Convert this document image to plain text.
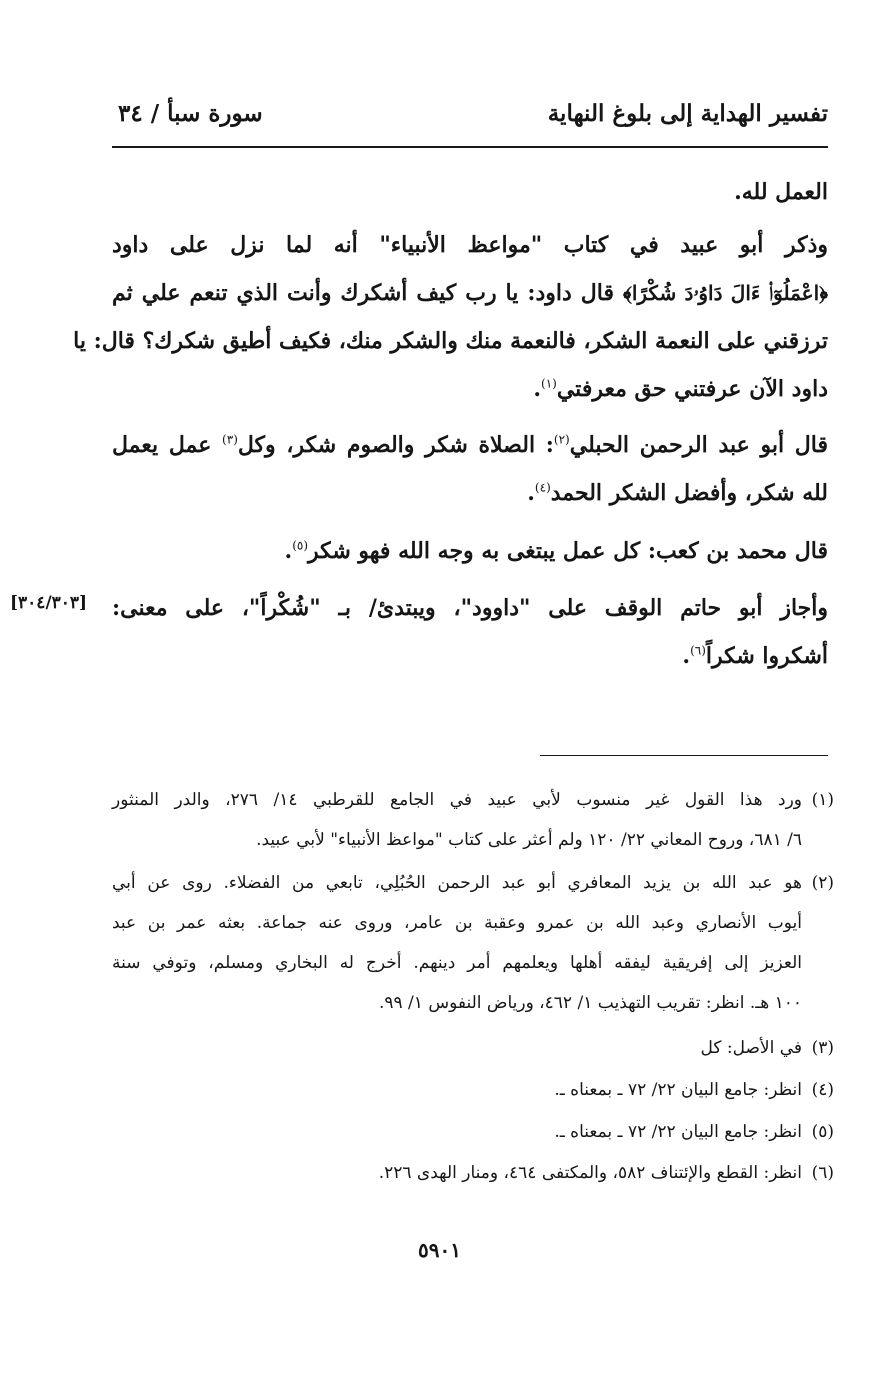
تفسير الهداية إلى بلوغ النهاية
سورة سبأ / ٣٤

العمل لله.

وذكر أبو عبيد في كتاب "مواعظ الأنبياء" أنه لما نزل على داود

﴿اعْمَلُوٓا۟ ءَالَ دَاوُۥدَ شُكْرًا﴾ قال داود: يا رب كيف أشكرك وأنت الذي تنعم علي ثم

ترزقني على النعمة الشكر، فالنعمة منك والشكر منك، فكيف أطيق شكرك؟ قال: يا

داود الآن عرفتني حق معرفتي$^{(١)}$.

قال أبو عبد الرحمن الحبلي$^{(٢)}$: الصلاة شكر والصوم شكر، وكل$^{(٣)}$ عمل يعمل

لله شكر، وأفضل الشكر الحمد$^{(٤)}$.

قال محمد بن كعب: كل عمل يبتغى به وجه الله فهو شكر$^{(٥)}$.

وأجاز أبو حاتم الوقف على "داوود"، ويبتدئ/ بـ "شُكْراً"، على معنى:

أشكروا شكراً$^{(٦)}$.

[٣٠٤/٣٠٣]
(١)

ورد هذا القول غير منسوب لأبي عبيد في الجامع للقرطبي ١٤/ ٢٧٦، والدر المنثور

٦/ ٦٨١، وروح المعاني ٢٢/ ١٢٠ ولم أعثر على كتاب "مواعظ الأنبياء" لأبي عبيد.

(٢)

هو عبد الله بن يزيد المعافري أبو عبد الرحمن الحُبُلِي، تابعي من الفضلاء. روى عن أبي

أيوب الأنصاري وعبد الله بن عمرو وعقبة بن عامر، وروى عنه جماعة. بعثه عمر بن عبد

العزيز إلى إفريقية ليفقه أهلها ويعلمهم أمر دينهم. أخرج له البخاري ومسلم، وتوفي سنة

١٠٠ هـ. انظر: تقريب التهذيب ١/ ٤٦٢، ورياض النفوس ١/ ٩٩.

(٣)

في الأصل: كل

(٤)

انظر: جامع البيان ٢٢/ ٧٢ ـ بمعناه ـ.

(٥)

انظر: جامع البيان ٢٢/ ٧٢ ـ بمعناه ـ.

(٦)

انظر: القطع والإئتناف ٥٨٢، والمكتفى ٤٦٤، ومنار الهدى ٢٢٦.

٥٩٠١
